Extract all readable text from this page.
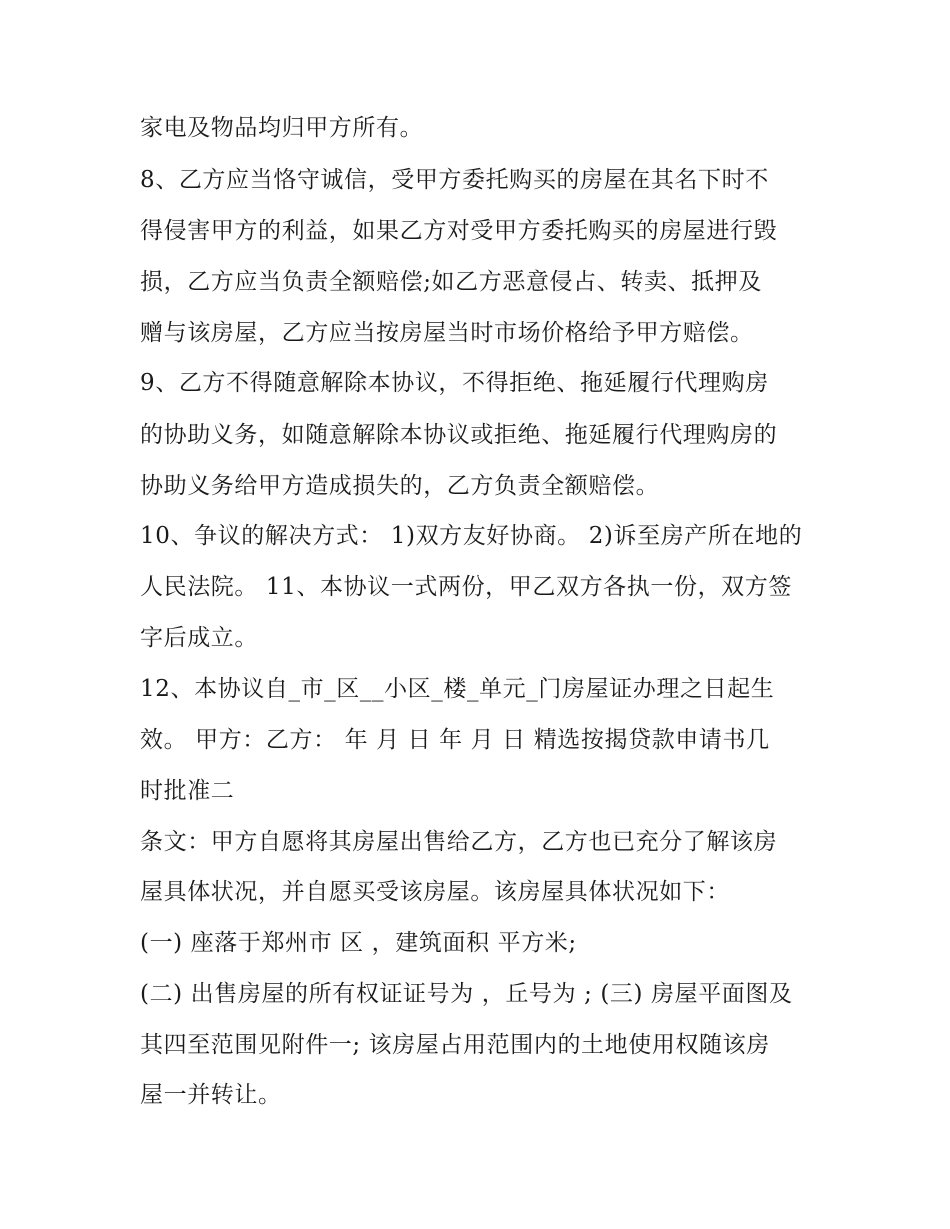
家电及物品均归甲方所有。
8、乙方应当恪守诚信，受甲方委托购买的房屋在其名下时不
得侵害甲方的利益，如果乙方对受甲方委托购买的房屋进行毁
损，乙方应当负责全额赔偿;如乙方恶意侵占、转卖、抵押及
赠与该房屋，乙方应当按房屋当时市场价格给予甲方赔偿。
9、乙方不得随意解除本协议，不得拒绝、拖延履行代理购房
的协助义务，如随意解除本协议或拒绝、拖延履行代理购房的
协助义务给甲方造成损失的，乙方负责全额赔偿。
10、争议的解决方式： 1)双方友好协商。 2)诉至房产所在地的
人民法院。 11、本协议一式两份，甲乙双方各执一份，双方签
字后成立。
12、本协议自_市_区__小区_楼_单元_门房屋证办理之日起生
效。 甲方：乙方： 年 月 日 年 月 日 精选按揭贷款申请书几
时批准二
条文：甲方自愿将其房屋出售给乙方，乙方也已充分了解该房
屋具体状况，并自愿买受该房屋。该房屋具体状况如下：
(一) 座落于郑州市 区 ，建筑面积 平方米;
(二) 出售房屋的所有权证证号为 ，丘号为 ; (三) 房屋平面图及
其四至范围见附件一; 该房屋占用范围内的土地使用权随该房
屋一并转让。
